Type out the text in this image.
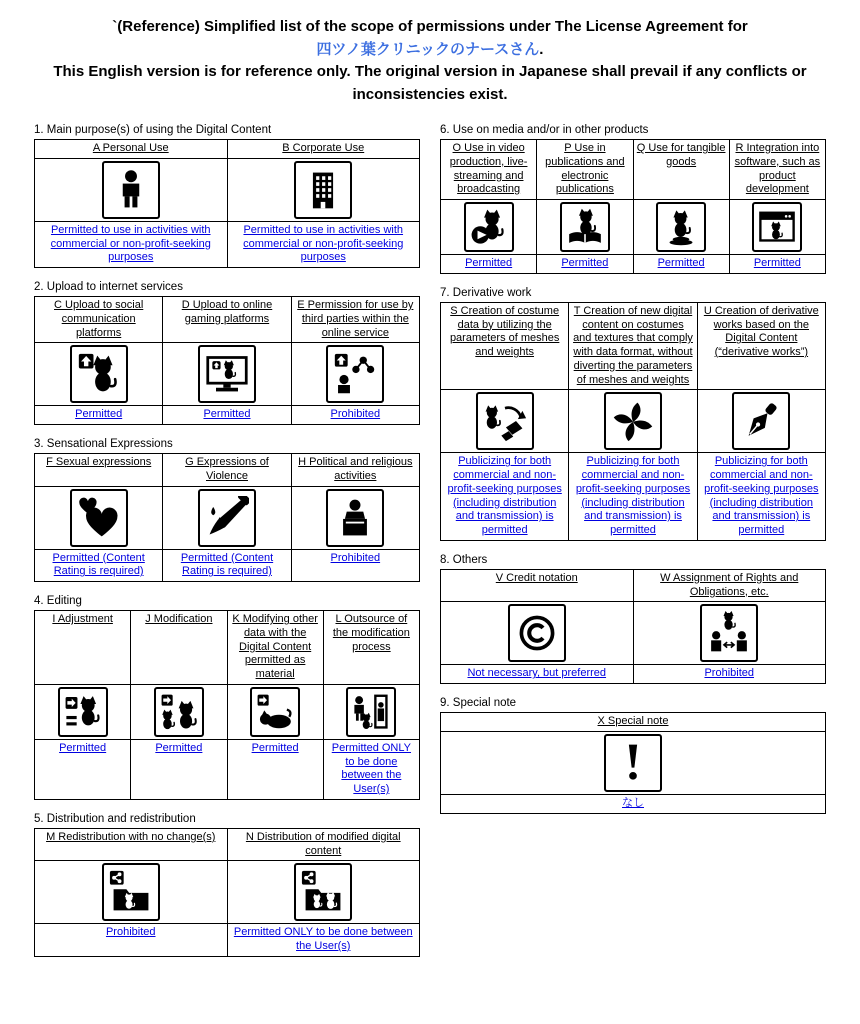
`(Reference) Simplified list of the scope of permissions under The License Agreement for
四ツノ葉クリニックのナースさん.
This English version is for reference only. The original version in Japanese shall prevail if any conflicts or inconsistencies exist.
1. Main purpose(s) of using the Digital Content
A Personal Use	B Corporate Use

Permitted to use in activities with commercial or non-profit-seeking purposes	Permitted to use in activities with commercial or non-profit-seeking purposes
2. Upload to internet services
C Upload to social communication platforms	D Upload to online gaming platforms	E Permission for use by third parties within the online service

Permitted	Permitted	Prohibited
3. Sensational Expressions
F Sexual expressions	G Expressions of Violence	H Political and religious activities

Permitted (Content Rating is required)	Permitted (Content Rating is required)	Prohibited
4. Editing
I Adjustment	J Modification	K Modifying other data with the Digital Content permitted as material	L Outsource of the modification process

Permitted	Permitted	Permitted	Permitted ONLY to be done between the User(s)
5. Distribution and redistribution
M Redistribution with no change(s)	N Distribution of modified digital content

Prohibited	Permitted ONLY to be done between the User(s)
6. Use on media and/or in other products
O Use in video production, live-streaming and broadcasting	P Use in publications and electronic publications	Q Use for tangible goods	R Integration into software, such as product development

Permitted	Permitted	Permitted	Permitted
7. Derivative work
S Creation of costume data by utilizing the parameters of meshes and weights	T Creation of new digital content on costumes and textures that comply with data format, without diverting the parameters of meshes and weights	U Creation of derivative works based on the Digital Content (“derivative works”)

Publicizing for both commercial and non-profit-seeking purposes (including distribution and transmission) is permitted	Publicizing for both commercial and non-profit-seeking purposes (including distribution and transmission) is permitted	Publicizing for both commercial and non-profit-seeking purposes (including distribution and transmission) is permitted
8. Others
V Credit notation	W Assignment of Rights and Obligations, etc.

Not necessary, but preferred	Prohibited
9. Special note
X Special note

なし
